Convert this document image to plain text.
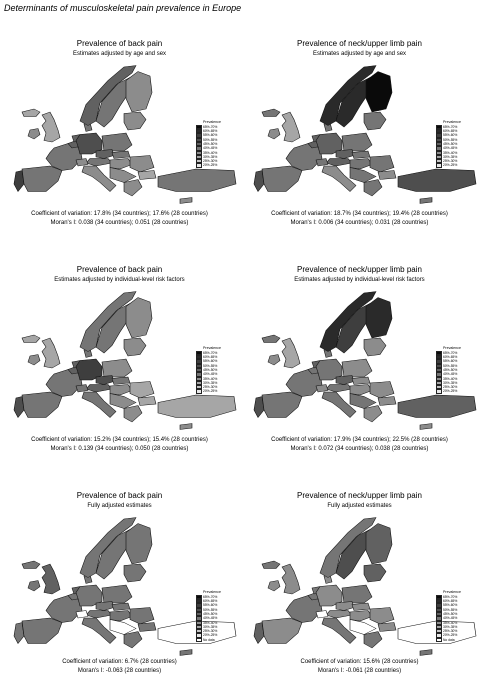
Determinants of musculoskeletal pain prevalence in Europe
Prevalence of back pain
Estimates adjusted by age and sex
Prevalence
65%-70%
60%-65%
55%-60%
50%-55%
45%-50%
40%-45%
35%-40%
30%-35%
25%-30%
20%-25%
Coefficient of variation: 17.8% (34 countries); 17.6% (28 countries)
Moran's I: 0.038 (34 countries); 0.051 (28 countries)
Prevalence of neck/upper limb pain
Estimates adjusted by age and sex
Prevalence
65%-70%
60%-65%
55%-60%
50%-55%
45%-50%
40%-45%
35%-40%
30%-35%
25%-30%
20%-25%
Coefficient of variation: 18.7% (34 countries); 19.4% (28 countries)
Moran's I: 0.006 (34 countries); 0.031 (28 countries)
Prevalence of back pain
Estimates adjusted by individual-level risk factors
Prevalence
65%-70%
60%-65%
55%-60%
50%-55%
45%-50%
40%-45%
35%-40%
30%-35%
25%-30%
20%-25%
Coefficient of variation: 15.2% (34 countries); 15.4% (28 countries)
Moran's I: 0.139 (34 countries); 0.050 (28 countries)
Prevalence of neck/upper limb pain
Estimates adjusted by individual-level risk factors
Prevalence
65%-70%
60%-65%
55%-60%
50%-55%
45%-50%
40%-45%
35%-40%
30%-35%
25%-30%
20%-25%
Coefficient of variation: 17.9% (34 countries); 22.5% (28 countries)
Moran's I: 0.072 (34 countries); 0.038 (28 countries)
Prevalence of back pain
Fully adjusted estimates
Prevalence
65%-70%
60%-65%
55%-60%
50%-55%
45%-50%
40%-45%
35%-40%
30%-35%
25%-30%
20%-25%
No data
Coefficient of variation: 6.7% (28 countries)
Moran's I: -0.063 (28 countries)
Prevalence of neck/upper limb pain
Fully adjusted estimates
Prevalence
65%-70%
60%-65%
55%-60%
50%-55%
45%-50%
40%-45%
35%-40%
30%-35%
25%-30%
20%-25%
No data
Coefficient of variation: 15.6% (28 countries)
Moran's I: -0.061 (28 countries)
